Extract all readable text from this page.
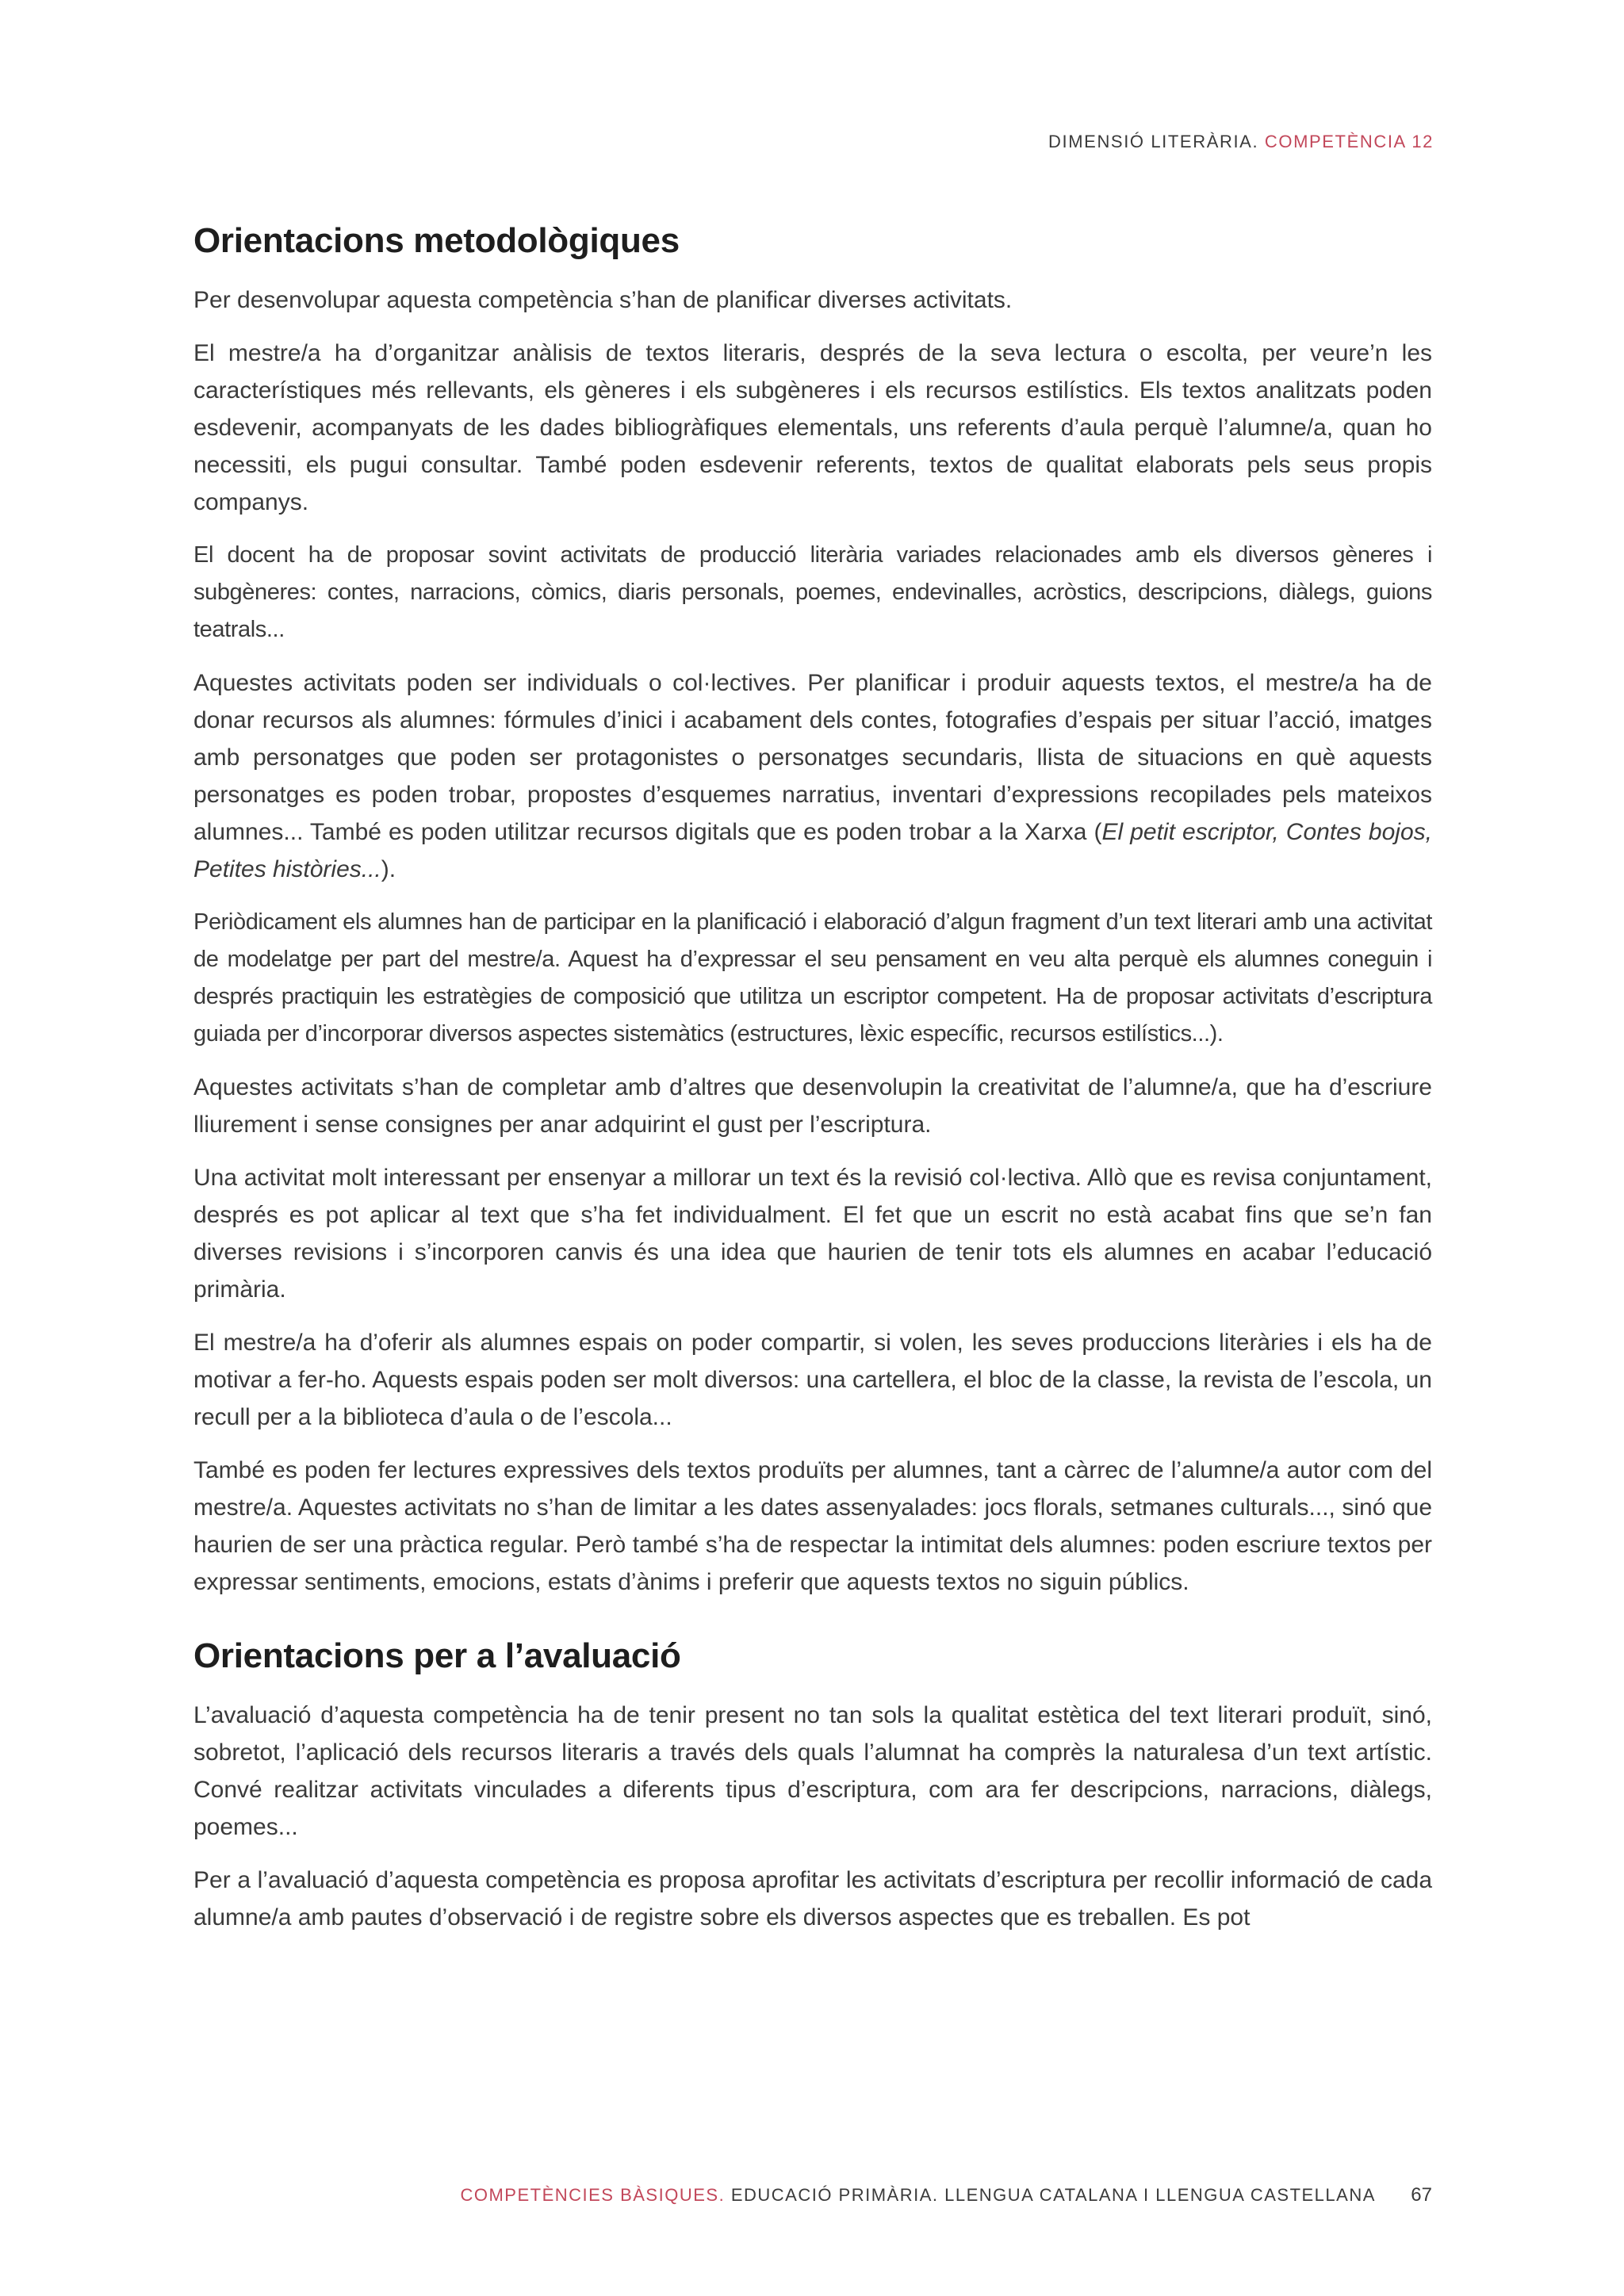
DIMENSIÓ LITERÀRIA. COMPETÈNCIA 12
Orientacions metodològiques

Per desenvolupar aquesta competència s’han de planificar diverses activitats.

El mestre/a ha d’organitzar anàlisis de textos literaris, després de la seva lectura o escolta, per veure’n les característiques més rellevants, els gèneres i els subgèneres i els recursos estilístics. Els textos analitzats poden esdevenir, acompanyats de les dades bibliogràfiques elementals, uns referents d’aula perquè l’alumne/a, quan ho necessiti, els pugui consultar. També poden esdevenir referents, textos de qualitat elaborats pels seus propis companys.

El docent ha de proposar sovint activitats de producció literària variades relacionades amb els diversos gèneres i subgèneres: contes, narracions, còmics, diaris personals, poemes, endevinalles, acròstics, descripcions, diàlegs, guions teatrals...

Aquestes activitats poden ser individuals o col·lectives. Per planificar i produir aquests textos, el mestre/a ha de donar recursos als alumnes: fórmules d’inici i acabament dels contes, fotografies d’espais per situar l’acció, imatges amb personatges que poden ser protagonistes o personatges secundaris, llista de situacions en què aquests personatges es poden trobar, propostes d’esquemes narratius, inventari d’expressions recopilades pels mateixos alumnes... També es poden utilitzar recursos digitals que es poden trobar a la Xarxa (El petit escriptor, Contes bojos, Petites històries...).

Periòdicament els alumnes han de participar en la planificació i elaboració d’algun fragment d’un text literari amb una activitat de modelatge per part del mestre/a. Aquest ha d’expressar el seu pensament en veu alta perquè els alumnes coneguin i després practiquin les estratègies de composició que utilitza un escriptor competent. Ha de proposar activitats d’escriptura guiada per d’incorporar diversos aspectes sistemàtics (estructures, lèxic específic, recursos estilístics...).

Aquestes activitats s’han de completar amb d’altres que desenvolupin la creativitat de l’alumne/a, que ha d’escriure lliurement i sense consignes per anar adquirint el gust per l’escriptura.

Una activitat molt interessant per ensenyar a millorar un text és la revisió col·lectiva. Allò que es revisa conjuntament, després es pot aplicar al text que s’ha fet individualment. El fet que un escrit no està acabat fins que se’n fan diverses revisions i s’incorporen canvis és una idea que haurien de tenir tots els alumnes en acabar l’educació primària.

El mestre/a ha d’oferir als alumnes espais on poder compartir, si volen, les seves produccions literàries i els ha de motivar a fer-ho. Aquests espais poden ser molt diversos: una cartellera, el bloc de la classe, la revista de l’escola, un recull per a la biblioteca d’aula o de l’escola...

També es poden fer lectures expressives dels textos produïts per alumnes, tant a càrrec de l’alumne/a autor com del mestre/a. Aquestes activitats no s’han de limitar a les dates assenyalades: jocs florals, setmanes culturals..., sinó que haurien de ser una pràctica regular. Però també s’ha de respectar la intimitat dels alumnes: poden escriure textos per expressar sentiments, emocions, estats d’ànims i preferir que aquests textos no siguin públics.

Orientacions per a l’avaluació

L’avaluació d’aquesta competència ha de tenir present no tan sols la qualitat estètica del text literari produït, sinó, sobretot, l’aplicació dels recursos literaris a través dels quals l’alumnat ha comprès la naturalesa d’un text artístic. Convé realitzar activitats vinculades a diferents tipus d’escriptura, com ara fer descripcions, narracions, diàlegs, poemes...

Per a l’avaluació d’aquesta competència es proposa aprofitar les activitats d’escriptura per recollir informació de cada alumne/a amb pautes d’observació i de registre sobre els diversos aspectes que es treballen. Es pot

COMPETÈNCIES BÀSIQUES. EDUCACIÓ PRIMÀRIA. LLENGUA CATALANA I LLENGUA CASTELLANA 67
